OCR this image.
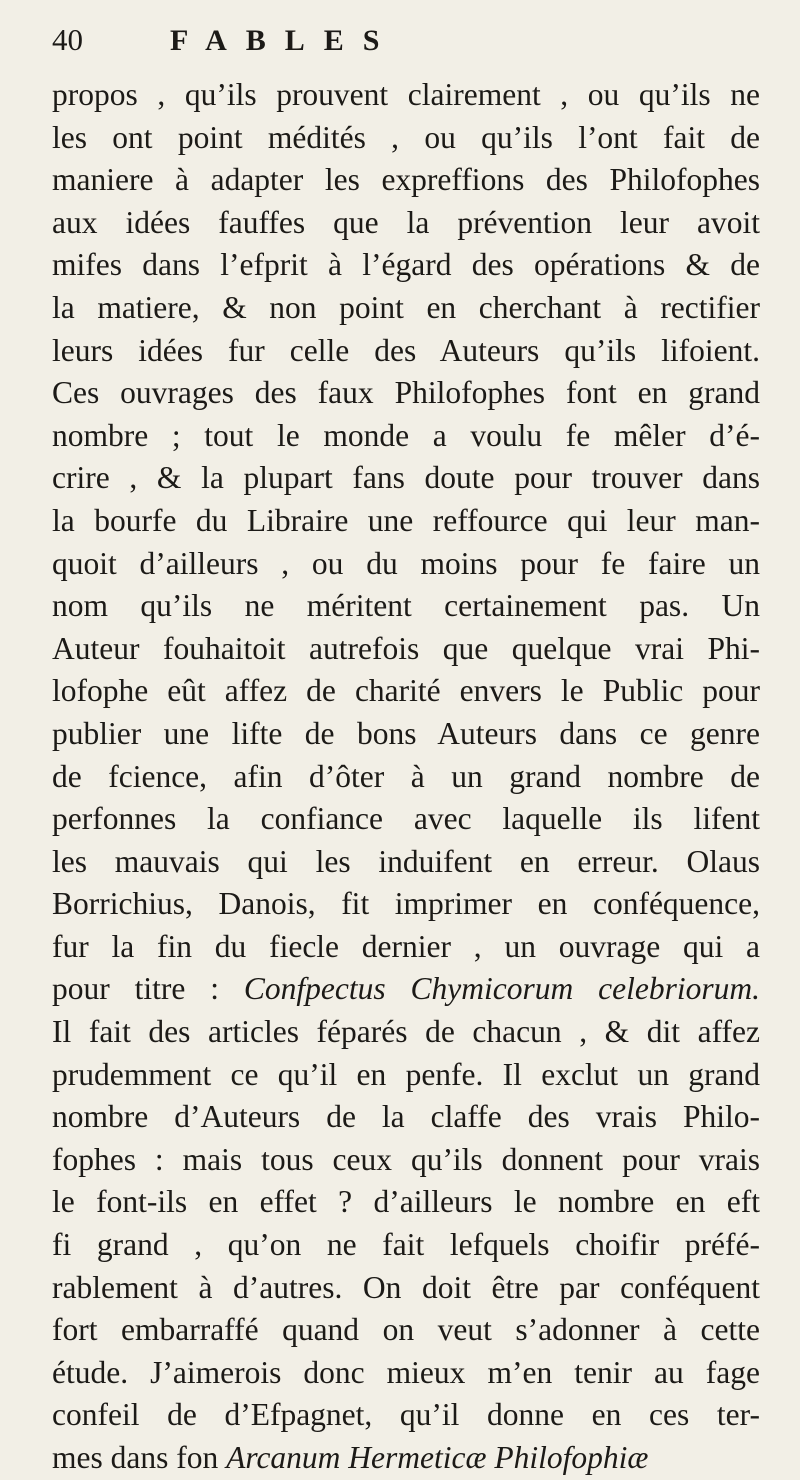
40	FABLES
propos , qu’ils prouvent clairement , ou qu’ils ne
les ont point médités , ou qu’ils l’ont fait de
maniere à adapter les expreffions des Philofophes
aux idées fauffes que la prévention leur avoit
mifes dans l’efprit à l’égard des opérations & de
la matiere, & non point en cherchant à rectifier
leurs idées fur celle des Auteurs qu’ils lifoient.
Ces ouvrages des faux Philofophes font en grand
nombre ; tout le monde a voulu fe mêler d’é-
crire , & la plupart fans doute pour trouver dans
la bourfe du Libraire une reffource qui leur man-
quoit d’ailleurs , ou du moins pour fe faire un
nom qu’ils ne méritent certainement pas. Un
Auteur fouhaitoit autrefois que quelque vrai Phi-
lofophe eût affez de charité envers le Public pour
publier une lifte de bons Auteurs dans ce genre
de fcience, afin d’ôter à un grand nombre de
perfonnes la confiance avec laquelle ils lifent
les mauvais qui les induifent en erreur. Olaus
Borrichius, Danois, fit imprimer en conféquence,
fur la fin du fiecle dernier , un ouvrage qui a
pour titre : Confpectus Chymicorum celebriorum.
Il fait des articles féparés de chacun , & dit affez
prudemment ce qu’il en penfe. Il exclut un grand
nombre d’Auteurs de la claffe des vrais Philo-
fophes : mais tous ceux qu’ils donnent pour vrais
le font-ils en effet ? d’ailleurs le nombre en eft
fi grand , qu’on ne fait lefquels choifir préfé-
rablement à d’autres. On doit être par conféquent
fort embarraffé quand on veut s’adonner à cette
étude. J’aimerois donc mieux m’en tenir au fage
confeil de d’Efpagnet, qu’il donne en ces ter-
mes dans fon Arcanum Hermeticæ Philofophiæ
